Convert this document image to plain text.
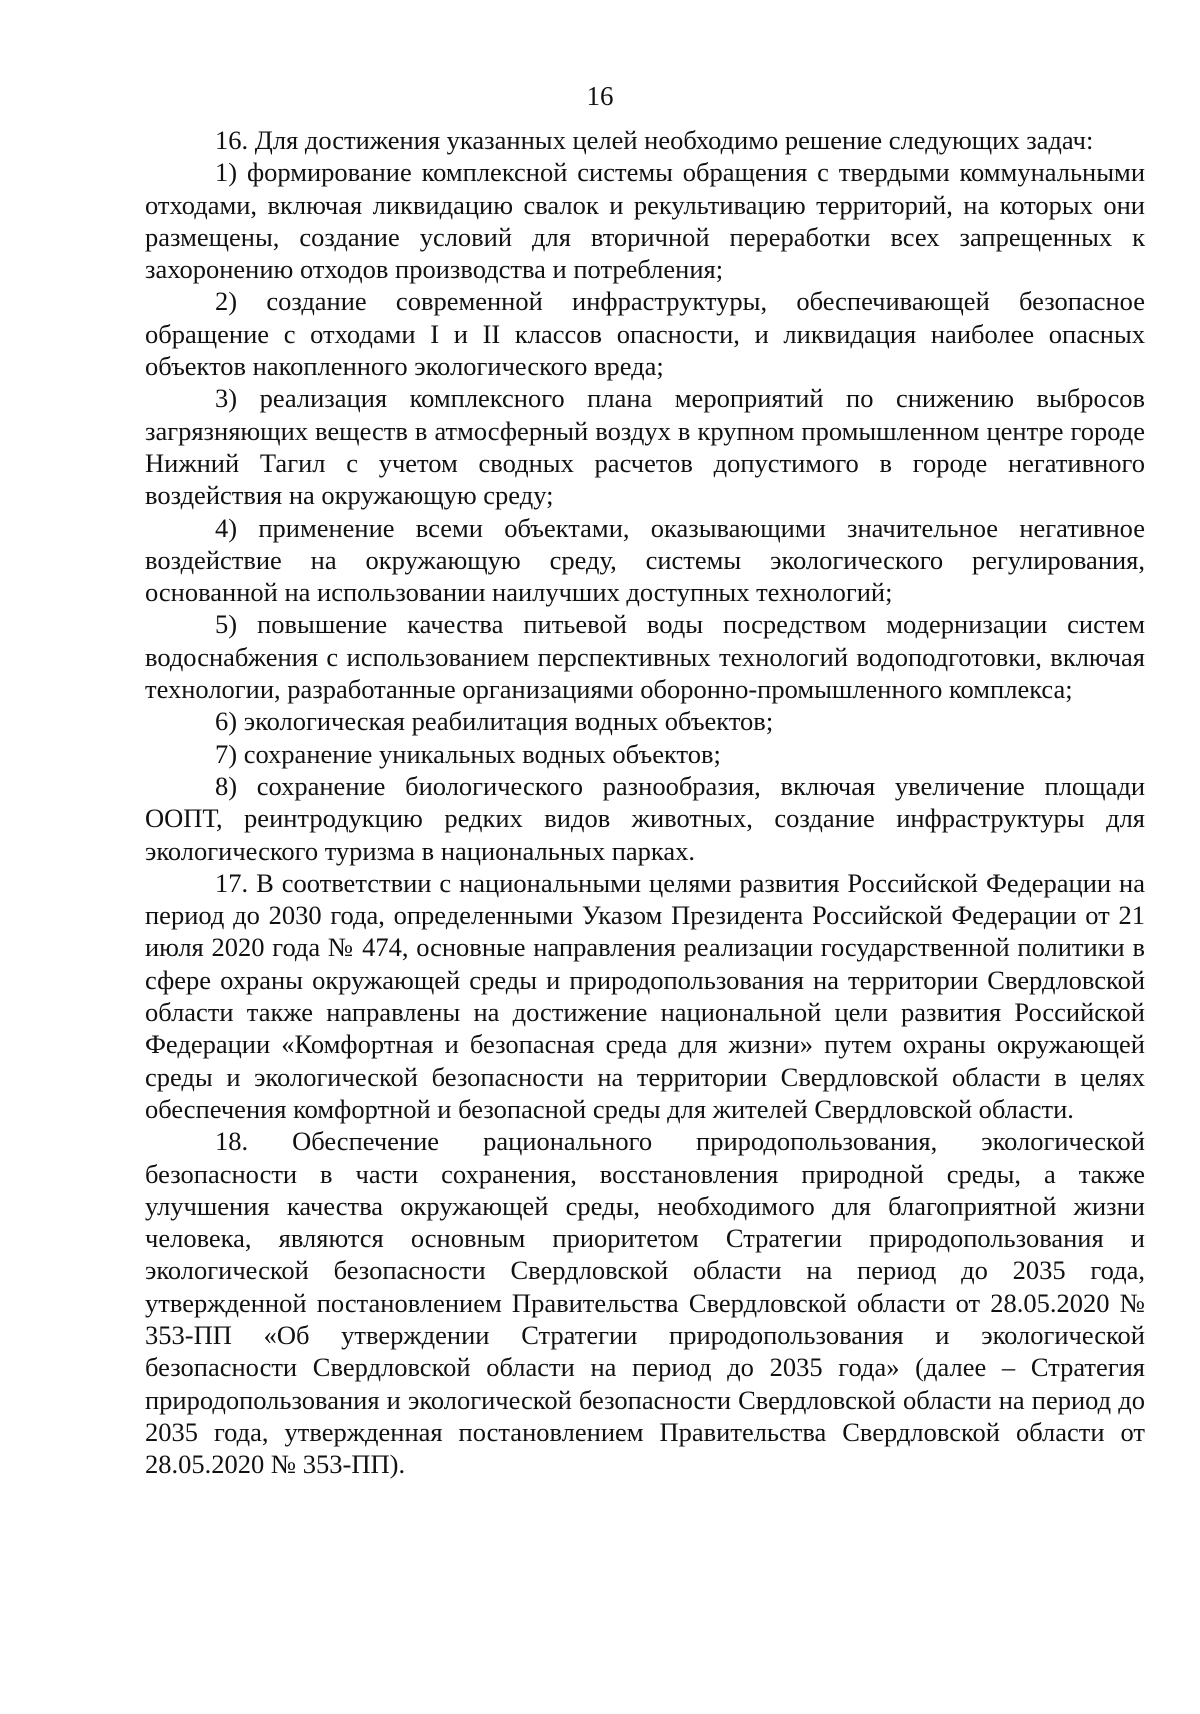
16

16. Для достижения указанных целей необходимо решение следующих задач:

1) формирование комплексной системы обращения с твердыми коммунальными отходами, включая ликвидацию свалок и рекультивацию территорий, на которых они размещены, создание условий для вторичной переработки всех запрещенных к захоронению отходов производства и потребления;

2) создание современной инфраструктуры, обеспечивающей безопасное обращение с отходами I и II классов опасности, и ликвидация наиболее опасных объектов накопленного экологического вреда;

3) реализация комплексного плана мероприятий по снижению выбросов загрязняющих веществ в атмосферный воздух в крупном промышленном центре городе Нижний Тагил с учетом сводных расчетов допустимого в городе негативного воздействия на окружающую среду;

4) применение всеми объектами, оказывающими значительное негативное воздействие на окружающую среду, системы экологического регулирования, основанной на использовании наилучших доступных технологий;

5) повышение качества питьевой воды посредством модернизации систем водоснабжения с использованием перспективных технологий водоподготовки, включая технологии, разработанные организациями оборонно-промышленного комплекса;

6) экологическая реабилитация водных объектов;

7) сохранение уникальных водных объектов;

8) сохранение биологического разнообразия, включая увеличение площади ООПТ, реинтродукцию редких видов животных, создание инфраструктуры для экологического туризма в национальных парках.

17. В соответствии с национальными целями развития Российской Федерации на период до 2030 года, определенными Указом Президента Российской Федерации от 21 июля 2020 года № 474, основные направления реализации государственной политики в сфере охраны окружающей среды и природопользования на территории Свердловской области также направлены на достижение национальной цели развития Российской Федерации «Комфортная и безопасная среда для жизни» путем охраны окружающей среды и экологической безопасности на территории Свердловской области в целях обеспечения комфортной и безопасной среды для жителей Свердловской области.

18. Обеспечение рационального природопользования, экологической безопасности в части сохранения, восстановления природной среды, а также улучшения качества окружающей среды, необходимого для благоприятной жизни человека, являются основным приоритетом Стратегии природопользования и экологической безопасности Свердловской области на период до 2035 года, утвержденной постановлением Правительства Свердловской области от 28.05.2020 № 353-ПП «Об утверждении Стратегии природопользования и экологической безопасности Свердловской области на период до 2035 года» (далее – Стратегия природопользования и экологической безопасности Свердловской области на период до 2035 года, утвержденная постановлением Правительства Свердловской области от 28.05.2020 № 353-ПП).
